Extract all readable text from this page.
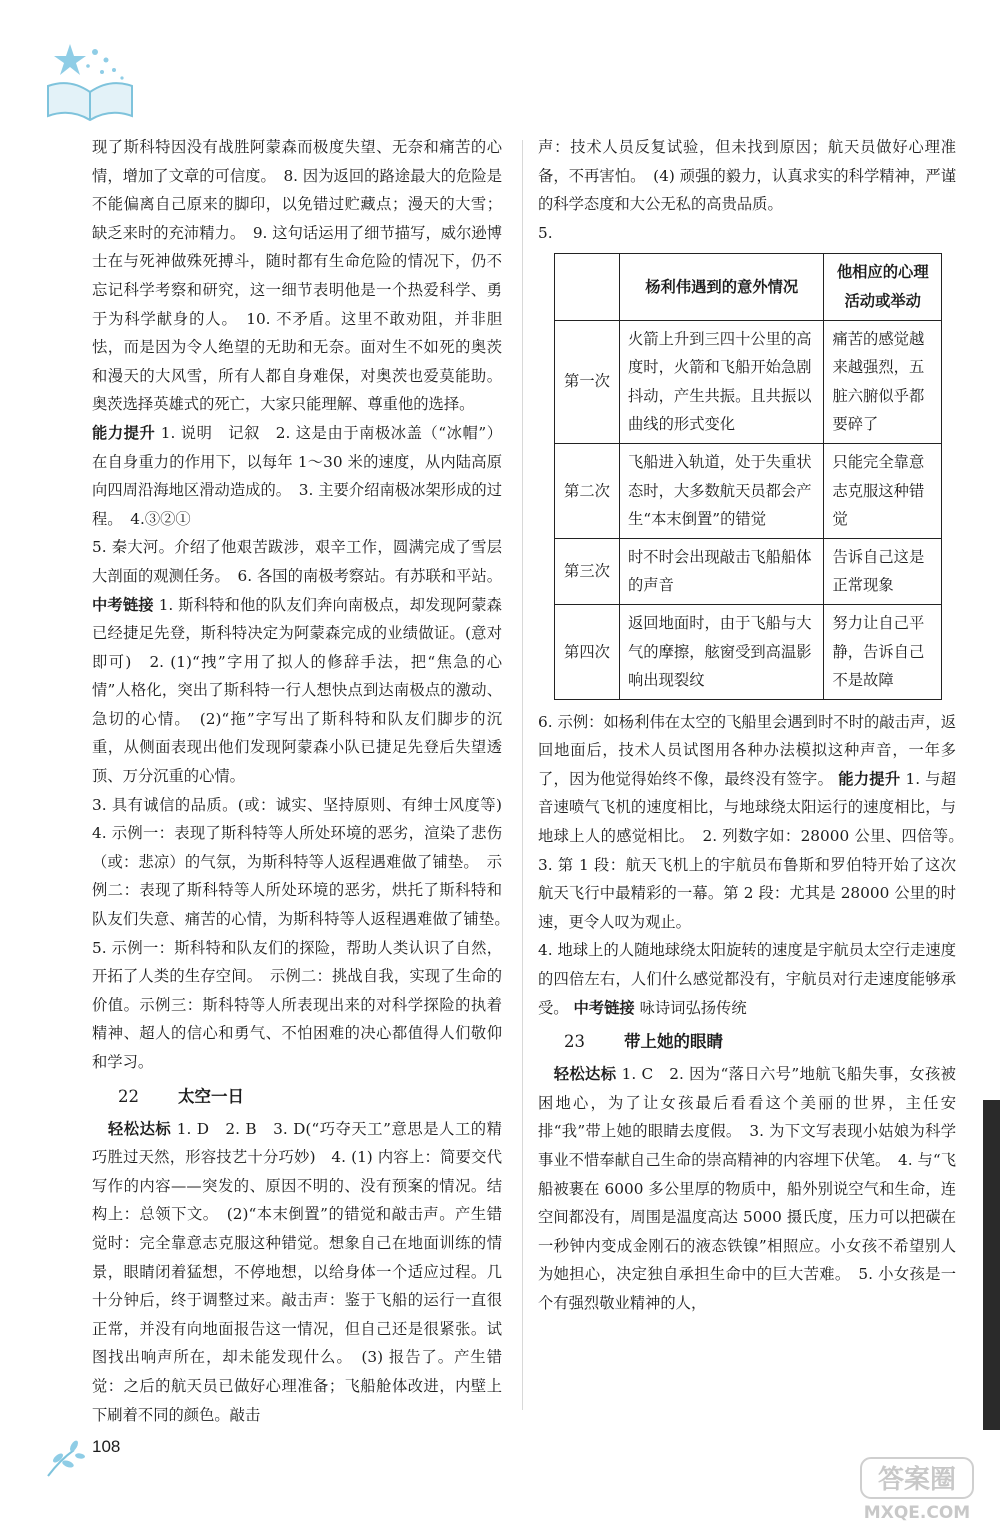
现了斯科特因没有战胜阿蒙森而极度失望、无奈和痛苦的心情，增加了文章的可信度。　8. 因为返回的路途最大的危险是不能偏离自己原来的脚印，以免错过贮藏点；漫天的大雪；缺乏来时的充沛精力。　9. 这句话运用了细节描写，威尔逊博士在与死神做殊死搏斗，随时都有生命危险的情况下，仍不忘记科学考察和研究，这一细节表明他是一个热爱科学、勇于为科学献身的人。　10. 不矛盾。这里不敢劝阻，并非胆怯，而是因为令人绝望的无助和无奈。面对生不如死的奥茨和漫天的大风雪，所有人都自身难保，对奥茨也爱莫能助。奥茨选择英雄式的死亡，大家只能理解、尊重他的选择。

能力提升 1. 说明　记叙　2. 这是由于南极冰盖（“冰帽”）在自身重力的作用下，以每年 1～30 米的速度，从内陆高原向四周沿海地区滑动造成的。　3. 主要介绍南极冰架形成的过程。　4.③②①

5. 秦大河。介绍了他艰苦跋涉，艰辛工作，圆满完成了雪层大剖面的观测任务。　6. 各国的南极考察站。有苏联和平站。 中考链接 1. 斯科特和他的队友们奔向南极点，却发现阿蒙森已经捷足先登，斯科特决定为阿蒙森完成的业绩做证。(意对即可)　2. (1)“拽”字用了拟人的修辞手法，把“焦急的心情”人格化，突出了斯科特一行人想快点到达南极点的激动、急切的心情。　(2)“拖”字写出了斯科特和队友们脚步的沉重，从侧面表现出他们发现阿蒙森小队已捷足先登后失望透顶、万分沉重的心情。

3. 具有诚信的品质。(或：诚实、坚持原则、有绅士风度等)　4. 示例一：表现了斯科特等人所处环境的恶劣，渲染了悲伤（或：悲凉）的气氛，为斯科特等人返程遇难做了铺垫。　示例二：表现了斯科特等人所处环境的恶劣，烘托了斯科特和队友们失意、痛苦的心情，为斯科特等人返程遇难做了铺垫。　5. 示例一：斯科特和队友们的探险，帮助人类认识了自然，开拓了人类的生存空间。　示例二：挑战自我，实现了生命的价值。示例三：斯科特等人所表现出来的对科学探险的执着精神、超人的信心和勇气、不怕困难的决心都值得人们敬仰和学习。

22 太空一日

　轻松达标 1. D　2. B　3. D(“巧夺天工”意思是人工的精巧胜过天然，形容技艺十分巧妙)　4. (1) 内容上：简要交代写作的内容——突发的、原因不明的、没有预案的情况。结构上：总领下文。　(2)“本末倒置”的错觉和敲击声。产生错觉时：完全靠意志克服这种错觉。想象自己在地面训练的情景，眼睛闭着猛想，不停地想，以给身体一个适应过程。几十分钟后，终于调整过来。敲击声：鉴于飞船的运行一直很正常，并没有向地面报告这一情况，但自己还是很紧张。试图找出响声所在，却未能发现什么。　(3) 报告了。产生错觉：之后的航天员已做好心理准备；飞船舱体改进，内壁上下刷着不同的颜色。敲击

声：技术人员反复试验，但未找到原因；航天员做好心理准备，不再害怕。　(4) 顽强的毅力，认真求实的科学精神，严谨的科学态度和大公无私的高贵品质。

5.

	杨利伟遇到的意外情况	他相应的心理活动或举动
第一次	火箭上升到三四十公里的高度时，火箭和飞船开始急剧抖动，产生共振。且共振以曲线的形式变化	痛苦的感觉越来越强烈，五脏六腑似乎都要碎了
第二次	飞船进入轨道，处于失重状态时，大多数航天员都会产生“本末倒置”的错觉	只能完全靠意志克服这种错觉
第三次	时不时会出现敲击飞船船体的声音	告诉自己这是正常现象
第四次	返回地面时，由于飞船与大气的摩擦，舷窗受到高温影响出现裂纹	努力让自己平静，告诉自己不是故障

6. 示例：如杨利伟在太空的飞船里会遇到时不时的敲击声，返回地面后，技术人员试图用各种办法模拟这种声音，一年多了，因为他觉得始终不像，最终没有签字。 能力提升 1. 与超音速喷气飞机的速度相比，与地球绕太阳运行的速度相比，与地球上人的感觉相比。　2. 列数字如：28000 公里、四倍等。　3. 第 1 段：航天飞机上的宇航员布鲁斯和罗伯特开始了这次航天飞行中最精彩的一幕。第 2 段：尤其是 28000 公里的时速，更令人叹为观止。

4. 地球上的人随地球绕太阳旋转的速度是宇航员太空行走速度的四倍左右，人们什么感觉都没有，宇航员对行走速度能够承受。 中考链接 咏诗词弘扬传统

23 带上她的眼睛

　轻松达标 1. C　2. 因为“落日六号”地航飞船失事，女孩被困地心，为了让女孩最后看看这个美丽的世界，主任安排“我”带上她的眼睛去度假。　3. 为下文写表现小姑娘为科学事业不惜奉献自己生命的崇高精神的内容埋下伏笔。　4. 与“飞船被裹在 6000 多公里厚的物质中，船外别说空气和生命，连空间都没有，周围是温度高达 5000 摄氏度，压力可以把碳在一秒钟内变成金刚石的液态铁镍”相照应。小女孩不希望别人为她担心，决定独自承担生命中的巨大苦难。　5. 小女孩是一个有强烈敬业精神的人，

108
答案圈
MXQE.COM
